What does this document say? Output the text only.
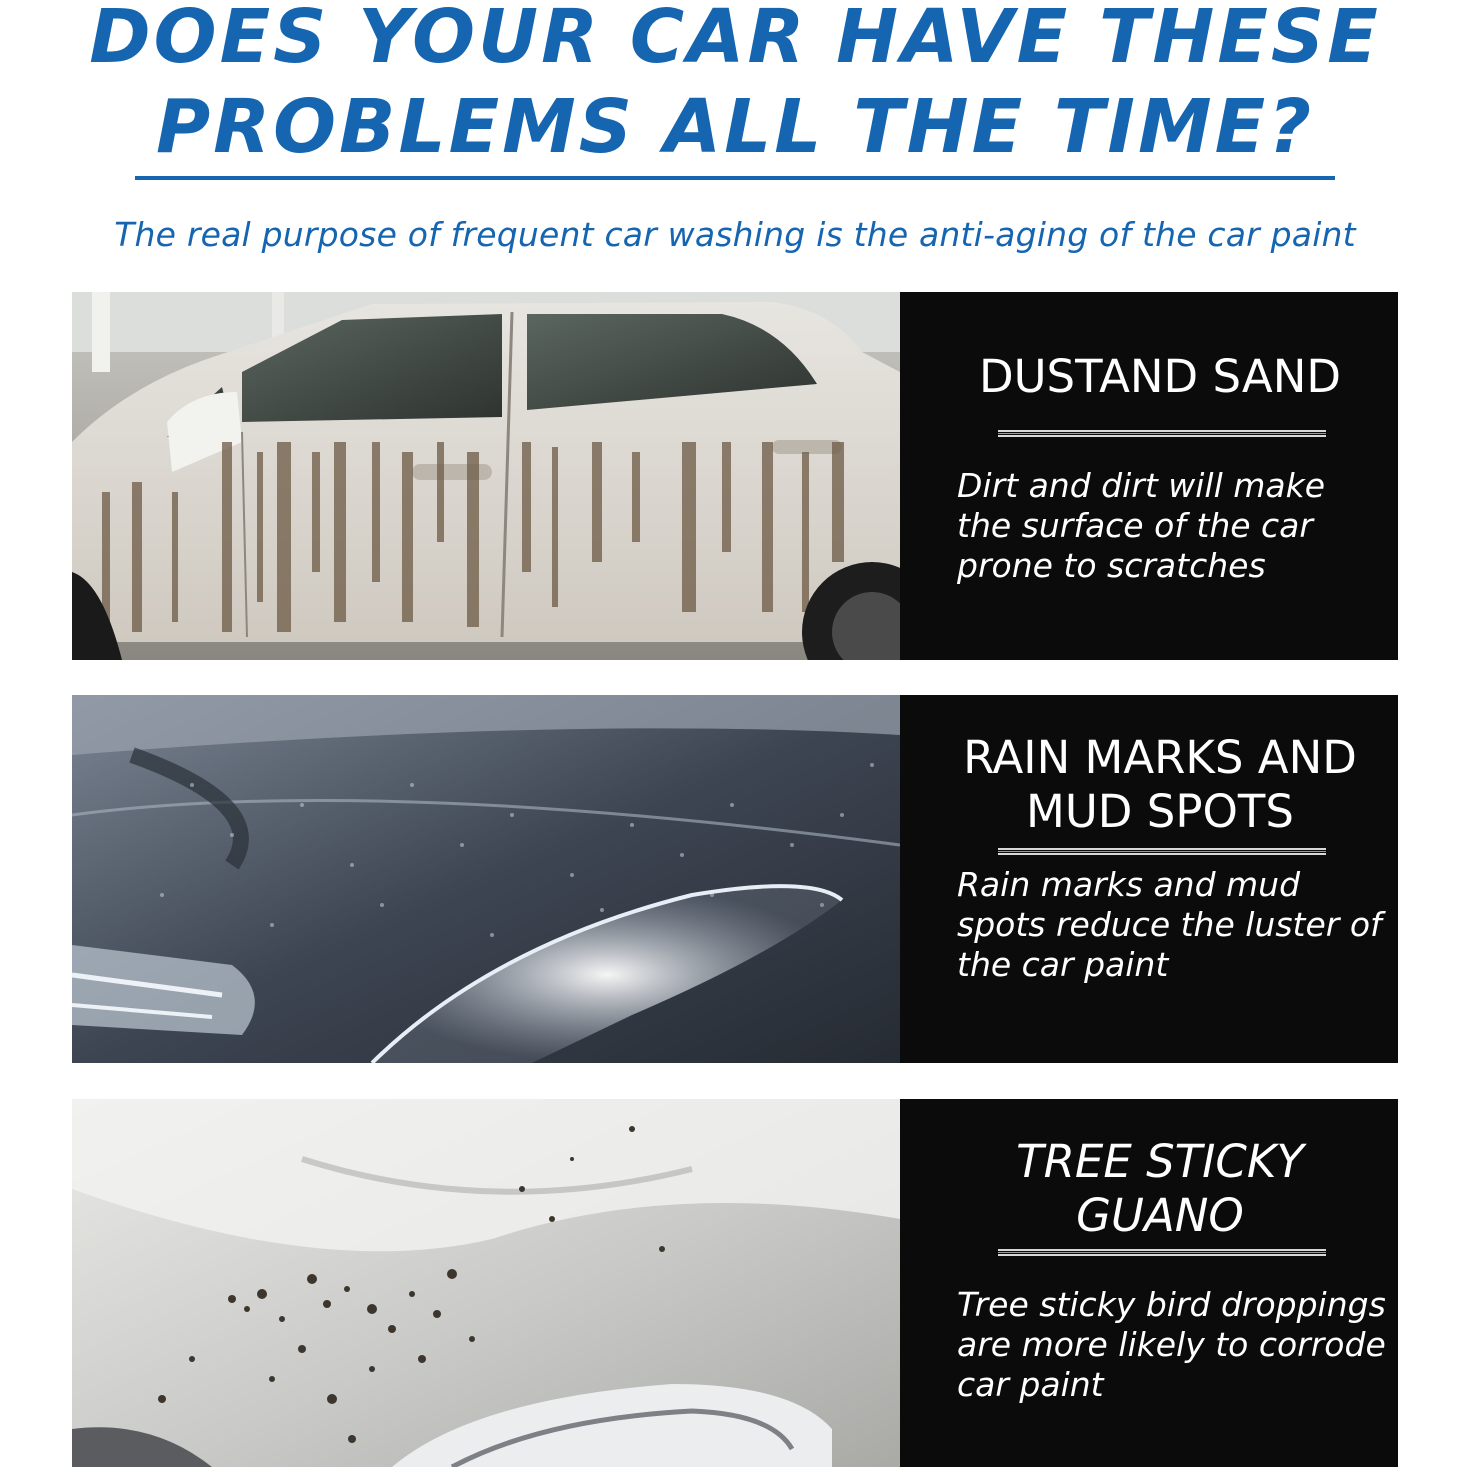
DOES YOUR CAR HAVE THESE
PROBLEMS ALL THE TIME?
The real purpose of frequent car washing is the anti-aging of the car paint
DUSTAND SAND
Dirt and dirt will make the surface of the car prone to scratches
RAIN MARKS AND
MUD SPOTS
Rain marks and mud spots reduce the luster of the car paint
TREE STICKY
GUANO
Tree sticky bird droppings are more likely to corrode car paint
